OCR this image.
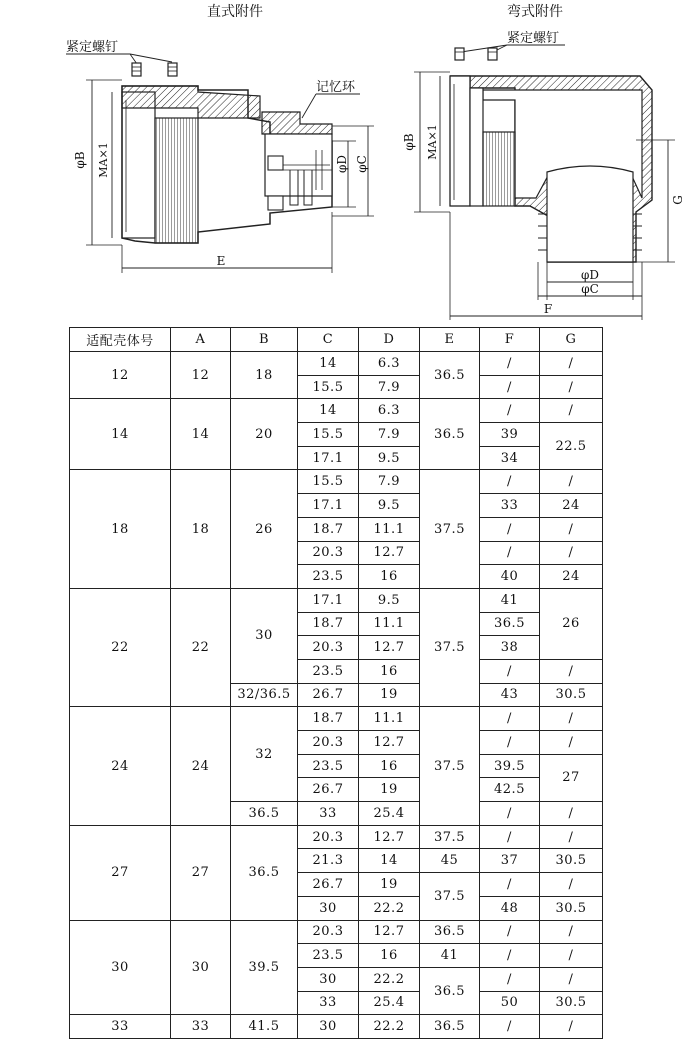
直式附件
紧定螺钉
记忆环
φB MA×1	φD φC
E
弯式附件
紧定螺钉
φB MA×1
G
φD
φC
F
适配壳体号	A	B	C	D	E	F	G
12	12	18	14	6.3	36.5	/	/
			15.5	7.9		/	/
14	14	20	14	6.3	36.5	/	/
			15.5	7.9		39	22.5
			17.1	9.5		34	
18	18	26	15.5	7.9	37.5	/	/
			17.1	9.5		33	24
			18.7	11.1		/	/
			20.3	12.7		/	/
			23.5	16		40	24
22	22	30	17.1	9.5	37.5	41	26
			18.7	11.1		36.5	
			20.3	12.7		38	
			23.5	16		/	/
		32/36.5	26.7	19		43	30.5
24	24	32	18.7	11.1	37.5	/	/
			20.3	12.7		/	/
			23.5	16		39.5	27
			26.7	19		42.5	
		36.5	33	25.4		/	/
27	27	36.5	20.3	12.7	37.5	/	/
			21.3	14	45	37	30.5
			26.7	19	37.5	/	/
			30	22.2		48	30.5
30	30	39.5	20.3	12.7	36.5	/	/
			23.5	16	41	/	/
			30	22.2	36.5	/	/
			33	25.4		50	30.5
33	33	41.5	30	22.2	36.5	/	/
